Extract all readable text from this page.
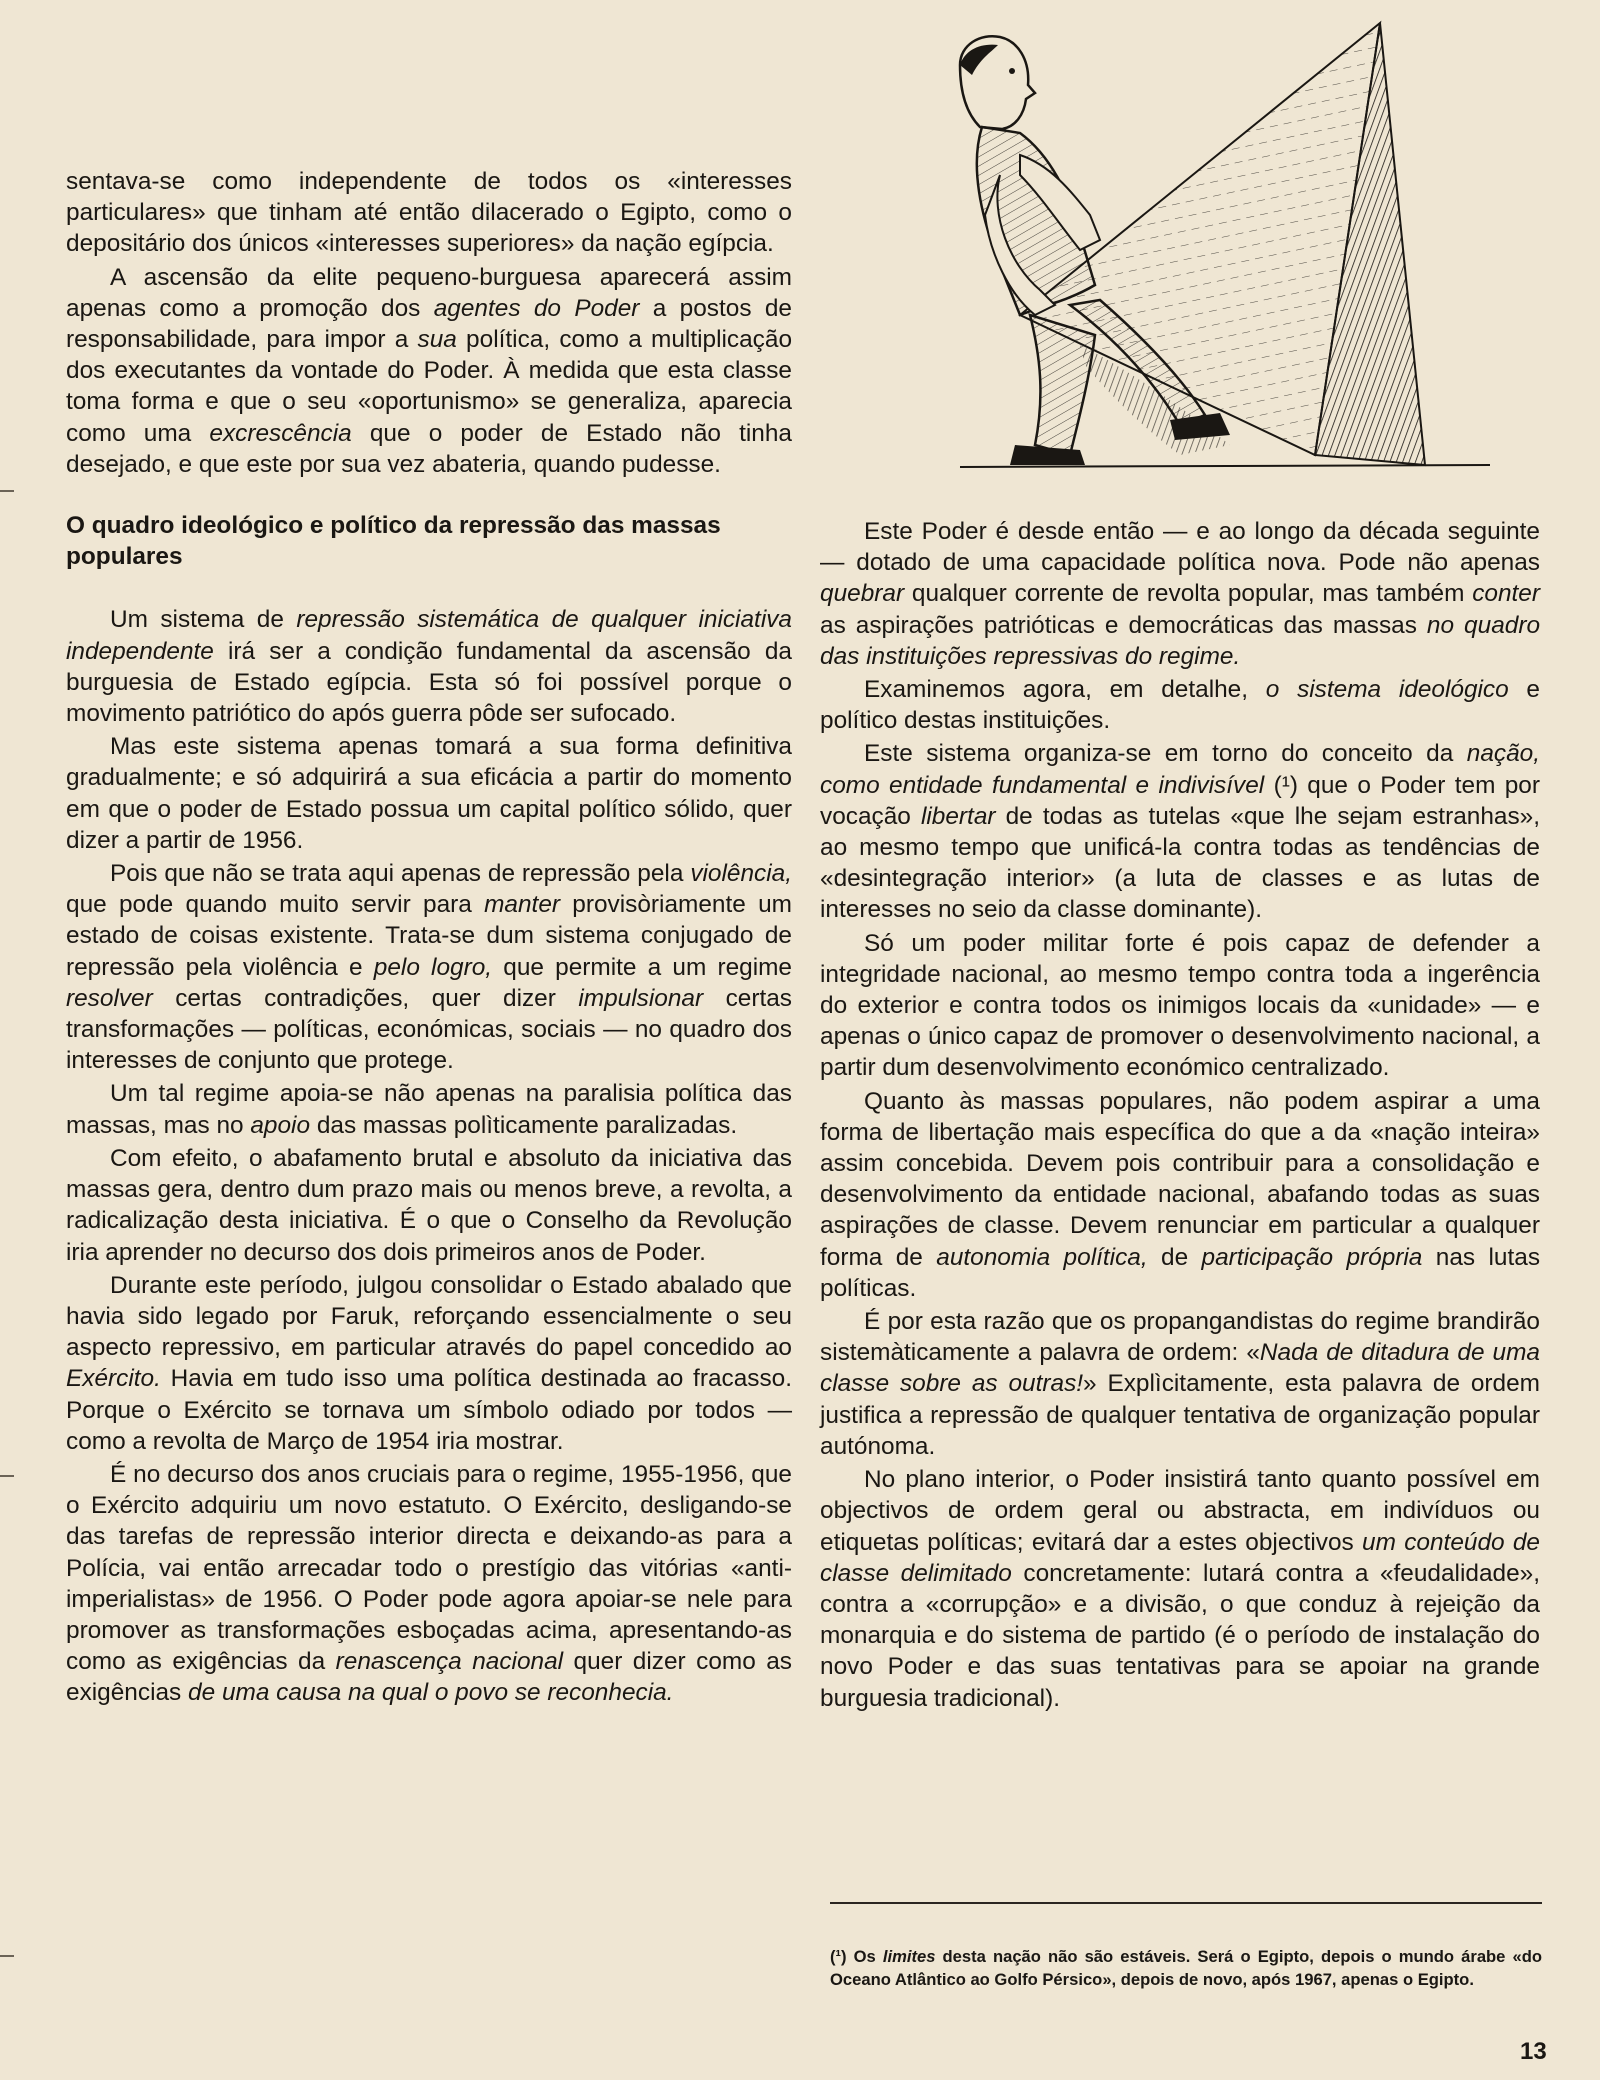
sentava-se como independente de todos os «interesses particulares» que tinham até então dilacerado o Egipto, como o depositário dos únicos «interesses superiores» da nação egípcia.

A ascensão da elite pequeno-burguesa aparecerá assim apenas como a promoção dos agentes do Poder a postos de responsabilidade, para impor a sua política, como a multiplicação dos executantes da vontade do Poder. À medida que esta classe toma forma e que o seu «oportunismo» se generaliza, aparecia como uma excrescência que o poder de Estado não tinha desejado, e que este por sua vez abateria, quando pudesse.

O quadro ideológico e político da repressão das massas populares

Um sistema de repressão sistemática de qualquer iniciativa independente irá ser a condição fundamental da ascensão da burguesia de Estado egípcia. Esta só foi possível porque o movimento patriótico do após guerra pôde ser sufocado.

Mas este sistema apenas tomará a sua forma definitiva gradualmente; e só adquirirá a sua eficácia a partir do momento em que o poder de Estado possua um capital político sólido, quer dizer a partir de 1956.

Pois que não se trata aqui apenas de repressão pela violência, que pode quando muito servir para manter provisòriamente um estado de coisas existente. Trata-se dum sistema conjugado de repressão pela violência e pelo logro, que permite a um regime resolver certas contradições, quer dizer impulsionar certas transformações — políticas, económicas, sociais — no quadro dos interesses de conjunto que protege.

Um tal regime apoia-se não apenas na paralisia política das massas, mas no apoio das massas polìticamente paralizadas.

Com efeito, o abafamento brutal e absoluto da iniciativa das massas gera, dentro dum prazo mais ou menos breve, a revolta, a radicalização desta iniciativa. É o que o Conselho da Revolução iria aprender no decurso dos dois primeiros anos de Poder.

Durante este período, julgou consolidar o Estado abalado que havia sido legado por Faruk, reforçando essencialmente o seu aspecto repressivo, em particular através do papel concedido ao Exército. Havia em tudo isso uma política destinada ao fracasso. Porque o Exército se tornava um símbolo odiado por todos — como a revolta de Março de 1954 iria mostrar.

É no decurso dos anos cruciais para o regime, 1955-1956, que o Exército adquiriu um novo estatuto. O Exército, desligando-se das tarefas de repressão interior directa e deixando-as para a Polícia, vai então arrecadar todo o prestígio das vitórias «anti-imperialistas» de 1956. O Poder pode agora apoiar-se nele para promover as transformações esboçadas acima, apresentando-as como as exigências da renascença nacional quer dizer como as exigências de uma causa na qual o povo se reconhecia.

Este Poder é desde então — e ao longo da década seguinte — dotado de uma capacidade política nova. Pode não apenas quebrar qualquer corrente de revolta popular, mas também conter as aspirações patrióticas e democráticas das massas no quadro das instituições repressivas do regime.

Examinemos agora, em detalhe, o sistema ideológico e político destas instituições.

Este sistema organiza-se em torno do conceito da nação, como entidade fundamental e indivisível (¹) que o Poder tem por vocação libertar de todas as tutelas «que lhe sejam estranhas», ao mesmo tempo que unificá-la contra todas as tendências de «desintegração interior» (a luta de classes e as lutas de interesses no seio da classe dominante).

Só um poder militar forte é pois capaz de defender a integridade nacional, ao mesmo tempo contra toda a ingerência do exterior e contra todos os inimigos locais da «unidade» — e apenas o único capaz de promover o desenvolvimento nacional, a partir dum desenvolvimento económico centralizado.

Quanto às massas populares, não podem aspirar a uma forma de libertação mais específica do que a da «nação inteira» assim concebida. Devem pois contribuir para a consolidação e desenvolvimento da entidade nacional, abafando todas as suas aspirações de classe. Devem renunciar em particular a qualquer forma de autonomia política, de participação própria nas lutas políticas.

É por esta razão que os propangandistas do regime brandirão sistemàticamente a palavra de ordem: «Nada de ditadura de uma classe sobre as outras!» Explìcitamente, esta palavra de ordem justifica a repressão de qualquer tentativa de organização popular autónoma.

No plano interior, o Poder insistirá tanto quanto possível em objectivos de ordem geral ou abstracta, em indivíduos ou etiquetas políticas; evitará dar a estes objectivos um conteúdo de classe delimitado concretamente: lutará contra a «feudalidade», contra a «corrupção» e a divisão, o que conduz à rejeição da monarquia e do sistema de partido (é o período de instalação do novo Poder e das suas tentativas para se apoiar na grande burguesia tradicional).

(¹) Os limites desta nação não são estáveis. Será o Egipto, depois o mundo árabe «do Oceano Atlântico ao Golfo Pérsico», depois de novo, após 1967, apenas o Egipto.
13
